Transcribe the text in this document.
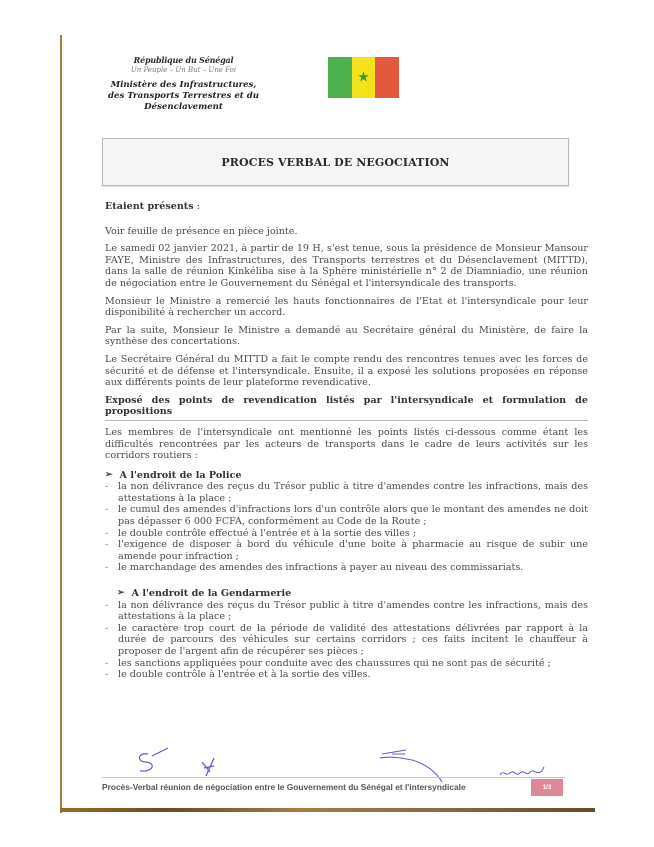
République du Sénégal
Un Peuple – Un But – Une Foi
Ministère des Infrastructures,
des Transports Terrestres et du
Désenclavement
★
PROCES VERBAL DE NEGOCIATION

Etaient présents :

Voir feuille de présence en pièce jointe.

Le samedi 02 janvier 2021, à partir de 19 H, s'est tenue, sous la présidence de Monsieur Mansour FAYE, Ministre des Infrastructures, des Transports terrestres et du Désenclavement (MITTD), dans la salle de réunion Kinkéliba sise à la Sphère ministérielle n° 2 de Diamniadio, une réunion de négociation entre le Gouvernement du Sénégal et l'intersyndicale des transports.

Monsieur le Ministre a remercié les hauts fonctionnaires de l'Etat et l'intersyndicale pour leur disponibilité à rechercher un accord.

Par la suite, Monsieur le Ministre a demandé au Secrétaire général du Ministère, de faire la synthèse des concertations.

Le Secrétaire Général du MITTD a fait le compte rendu des rencontres tenues avec les forces de sécurité et de défense et l'intersyndicale. Ensuite, il a exposé les solutions proposées en réponse aux différents points de leur plateforme revendicative.

Exposé des points de revendication listés par l'intersyndicale et formulation de propositions

Les membres de l'intersyndicale ont mentionné les points listés ci-dessous comme étant les difficultés rencontrées par les acteurs de transports dans le cadre de leurs activités sur les corridors routiers :

➢ A l'endroit de la Police
- la non délivrance des reçus du Trésor public à titre d'amendes contre les infractions, mais des attestations à la place ;
- le cumul des amendes d'infractions lors d'un contrôle alors que le montant des amendes ne doit pas dépasser 6 000 FCFA, conformément au Code de la Route ;
- le double contrôle effectué à l'entrée et à la sortie des villes ;
- l'exigence de disposer à bord du véhicule d'une boite à pharmacie au risque de subir une amende pour infraction ;
- le marchandage des amendes des infractions à payer au niveau des commissariats.
➢ A l'endroit de la Gendarmerie
- la non délivrance des reçus du Trésor public à titre d'amendes contre les infractions, mais des attestations à la place ;
- le caractère trop court de la période de validité des attestations délivrées par rapport à la durée de parcours des véhicules sur certains corridors ; ces faits incitent le chauffeur à proposer de l'argent afin de récupérer ses pièces ;
- les sanctions appliquées pour conduite avec des chaussures qui ne sont pas de sécurité ;
- le double contrôle à l'entrée et à la sortie des villes.
Procès-Verbal réunion de négociation entre le Gouvernement du Sénégal et l'intersyndicale	1/3
